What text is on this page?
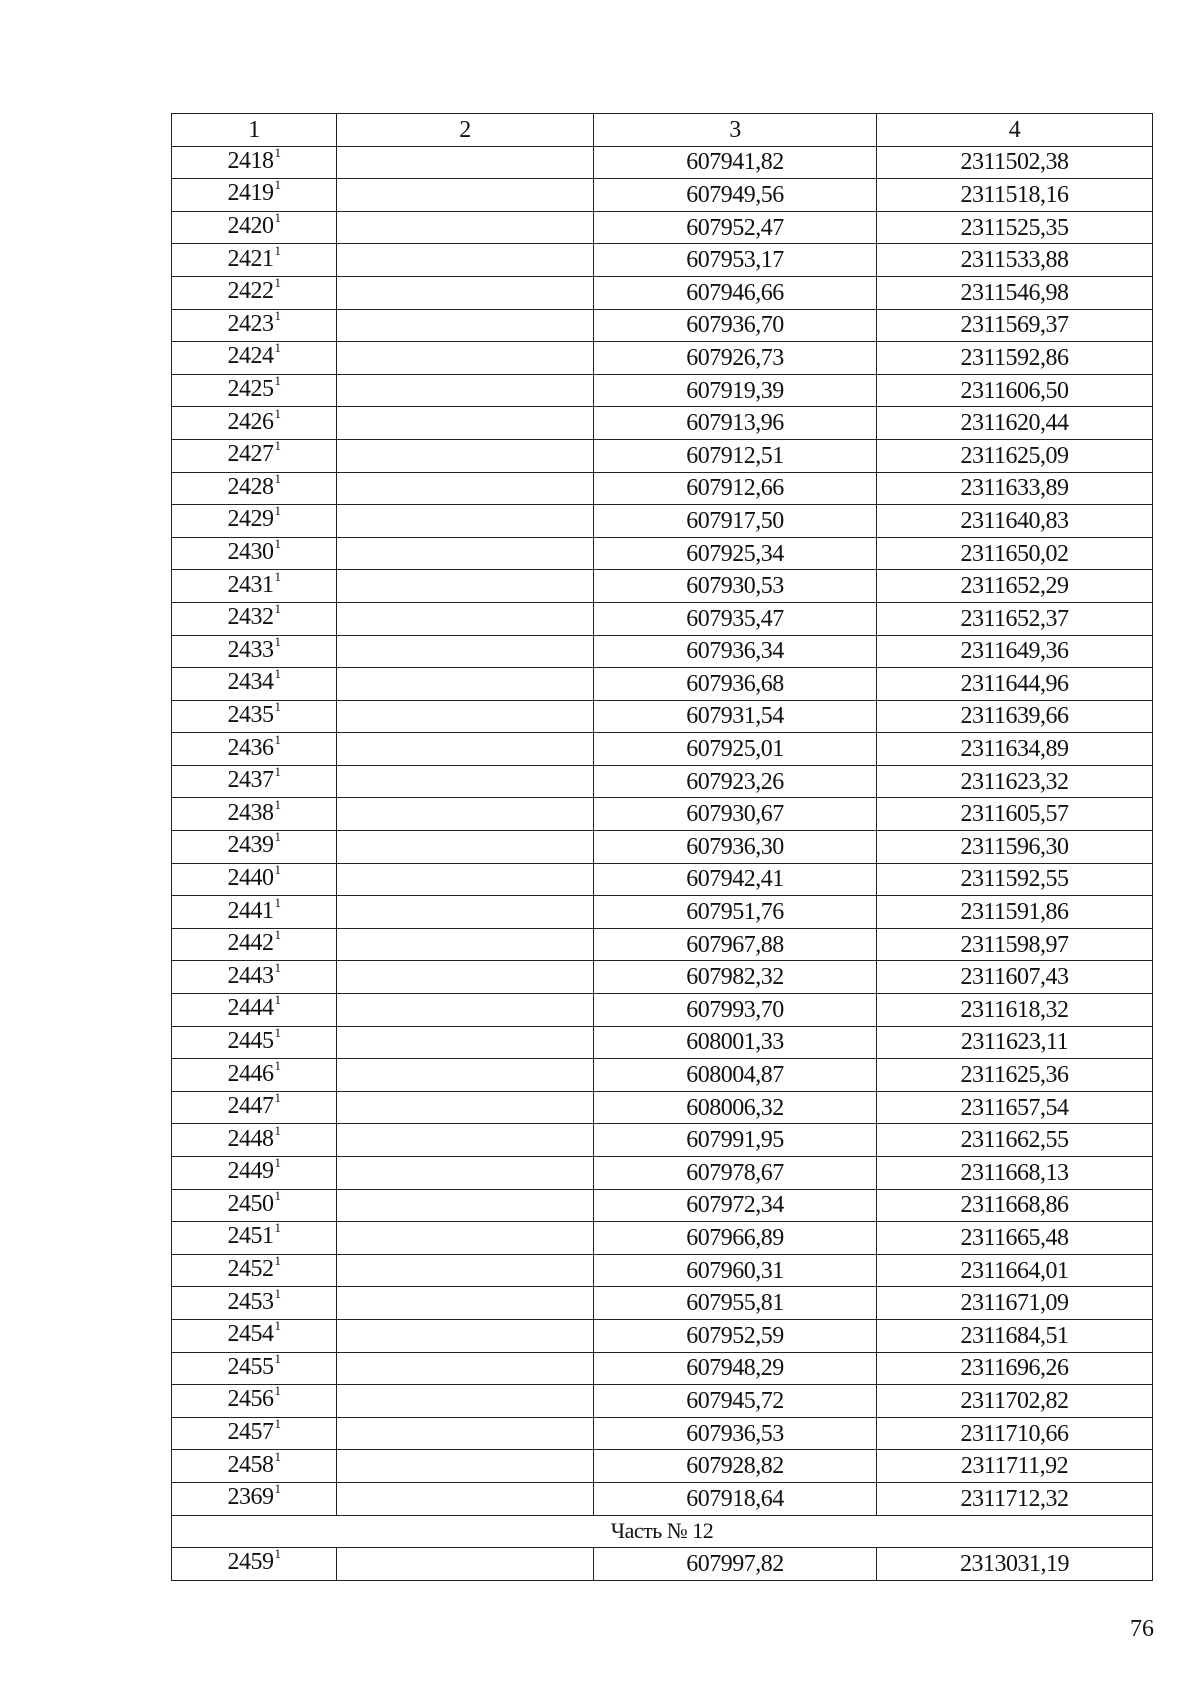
1	2	3	4
2418$^1$		607941,82	2311502,38
2419$^1$		607949,56	2311518,16
2420$^1$		607952,47	2311525,35
2421$^1$		607953,17	2311533,88
2422$^1$		607946,66	2311546,98
2423$^1$		607936,70	2311569,37
2424$^1$		607926,73	2311592,86
2425$^1$		607919,39	2311606,50
2426$^1$		607913,96	2311620,44
2427$^1$		607912,51	2311625,09
2428$^1$		607912,66	2311633,89
2429$^1$		607917,50	2311640,83
2430$^1$		607925,34	2311650,02
2431$^1$		607930,53	2311652,29
2432$^1$		607935,47	2311652,37
2433$^1$		607936,34	2311649,36
2434$^1$		607936,68	2311644,96
2435$^1$		607931,54	2311639,66
2436$^1$		607925,01	2311634,89
2437$^1$		607923,26	2311623,32
2438$^1$		607930,67	2311605,57
2439$^1$		607936,30	2311596,30
2440$^1$		607942,41	2311592,55
2441$^1$		607951,76	2311591,86
2442$^1$		607967,88	2311598,97
2443$^1$		607982,32	2311607,43
2444$^1$		607993,70	2311618,32
2445$^1$		608001,33	2311623,11
2446$^1$		608004,87	2311625,36
2447$^1$		608006,32	2311657,54
2448$^1$		607991,95	2311662,55
2449$^1$		607978,67	2311668,13
2450$^1$		607972,34	2311668,86
2451$^1$		607966,89	2311665,48
2452$^1$		607960,31	2311664,01
2453$^1$		607955,81	2311671,09
2454$^1$		607952,59	2311684,51
2455$^1$		607948,29	2311696,26
2456$^1$		607945,72	2311702,82
2457$^1$		607936,53	2311710,66
2458$^1$		607928,82	2311711,92
2369$^1$		607918,64	2311712,32
Часть № 12			
2459$^1$		607997,82	2313031,19
76
